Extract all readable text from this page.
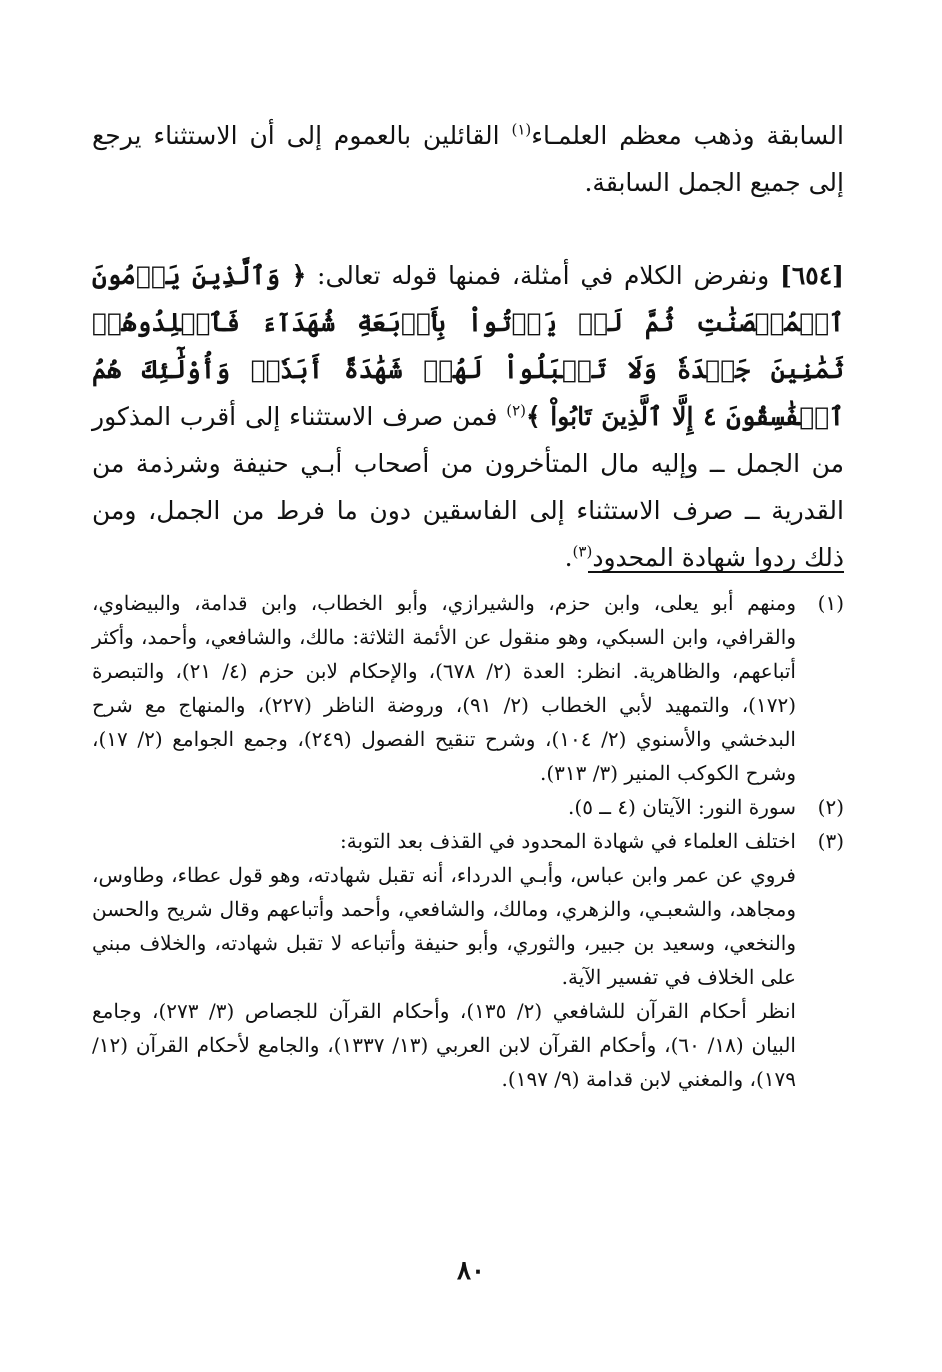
السابقة وذهب معظم العلمـاء$^{(١)}$ القائلين بالعموم إلى أن الاستثناء يرجع إلى جميع الجمل السابقة.

[٦٥٤] ونفرض الكلام في أمثلة، فمنها قوله تعالى: ﴿ وَٱلَّذِينَ يَرۡمُونَ ٱلۡمُحۡصَنَٰتِ ثُمَّ لَمۡ يَأۡتُواْ بِأَرۡبَعَةِ شُهَدَآءَ فَٱجۡلِدُوهُمۡ ثَمَٰنِينَ جَلۡدَةٗ وَلَا تَقۡبَلُواْ لَهُمۡ شَهَٰدَةً أَبَدٗاۚ وَأُوْلَٰٓئِكَ هُمُ ٱلۡفَٰسِقُونَ ٤ إِلَّا ٱلَّذِينَ تَابُواْ ﴾$^{(٢)}$ فمن صرف الاستثناء إلى أقرب المذكور من الجمل ــ وإليه مال المتأخرون من أصحاب أبـي حنيفة وشرذمة من القدرية ــ صرف الاستثناء إلى الفاسقين دون ما فرط من الجمل، ومن ذلك ردوا شهادة المحدود$^{(٣)}$.

(١)
ومنهم أبو يعلى، وابن حزم، والشيرازي، وأبو الخطاب، وابن قدامة، والبيضاوي، والقرافي، وابن السبكي، وهو منقول عن الأئمة الثلاثة: مالك، والشافعي، وأحمد، وأكثر أتباعهم، والظاهرية. انظر: العدة (٢/ ٦٧٨)، والإحكام لابن حزم (٤/ ٢١)، والتبصرة (١٧٢)، والتمهيد لأبي الخطاب (٢/ ٩١)، وروضة الناظر (٢٢٧)، والمنهاج مع شرح البدخشي والأسنوي (٢/ ١٠٤)، وشرح تنقيح الفصول (٢٤٩)، وجمع الجوامع (٢/ ١٧)، وشرح الكوكب المنير (٣/ ٣١٣).

(٢)
سورة النور: الآيتان (٤ ــ ٥).

(٣)
اختلف العلماء في شهادة المحدود في القذف بعد التوبة:

فروي عن عمر وابن عباس، وأبـي الدرداء، أنه تقبل شهادته، وهو قول عطاء، وطاوس، ومجاهد، والشعبـي، والزهري، ومالك، والشافعي، وأحمد وأتباعهم وقال شريح والحسن والنخعي، وسعيد بن جبير، والثوري، وأبو حنيفة وأتباعه لا تقبل شهادته، والخلاف مبني على الخلاف في تفسير الآية.

انظر أحكام القرآن للشافعي (٢/ ١٣٥)، وأحكام القرآن للجصاص (٣/ ٢٧٣)، وجامع البيان (١٨/ ٦٠)، وأحكام القرآن لابن العربي (١٣/ ١٣٣٧)، والجامع لأحكام القرآن (١٢/ ١٧٩)، والمغني لابن قدامة (٩/ ١٩٧).

٨٠
